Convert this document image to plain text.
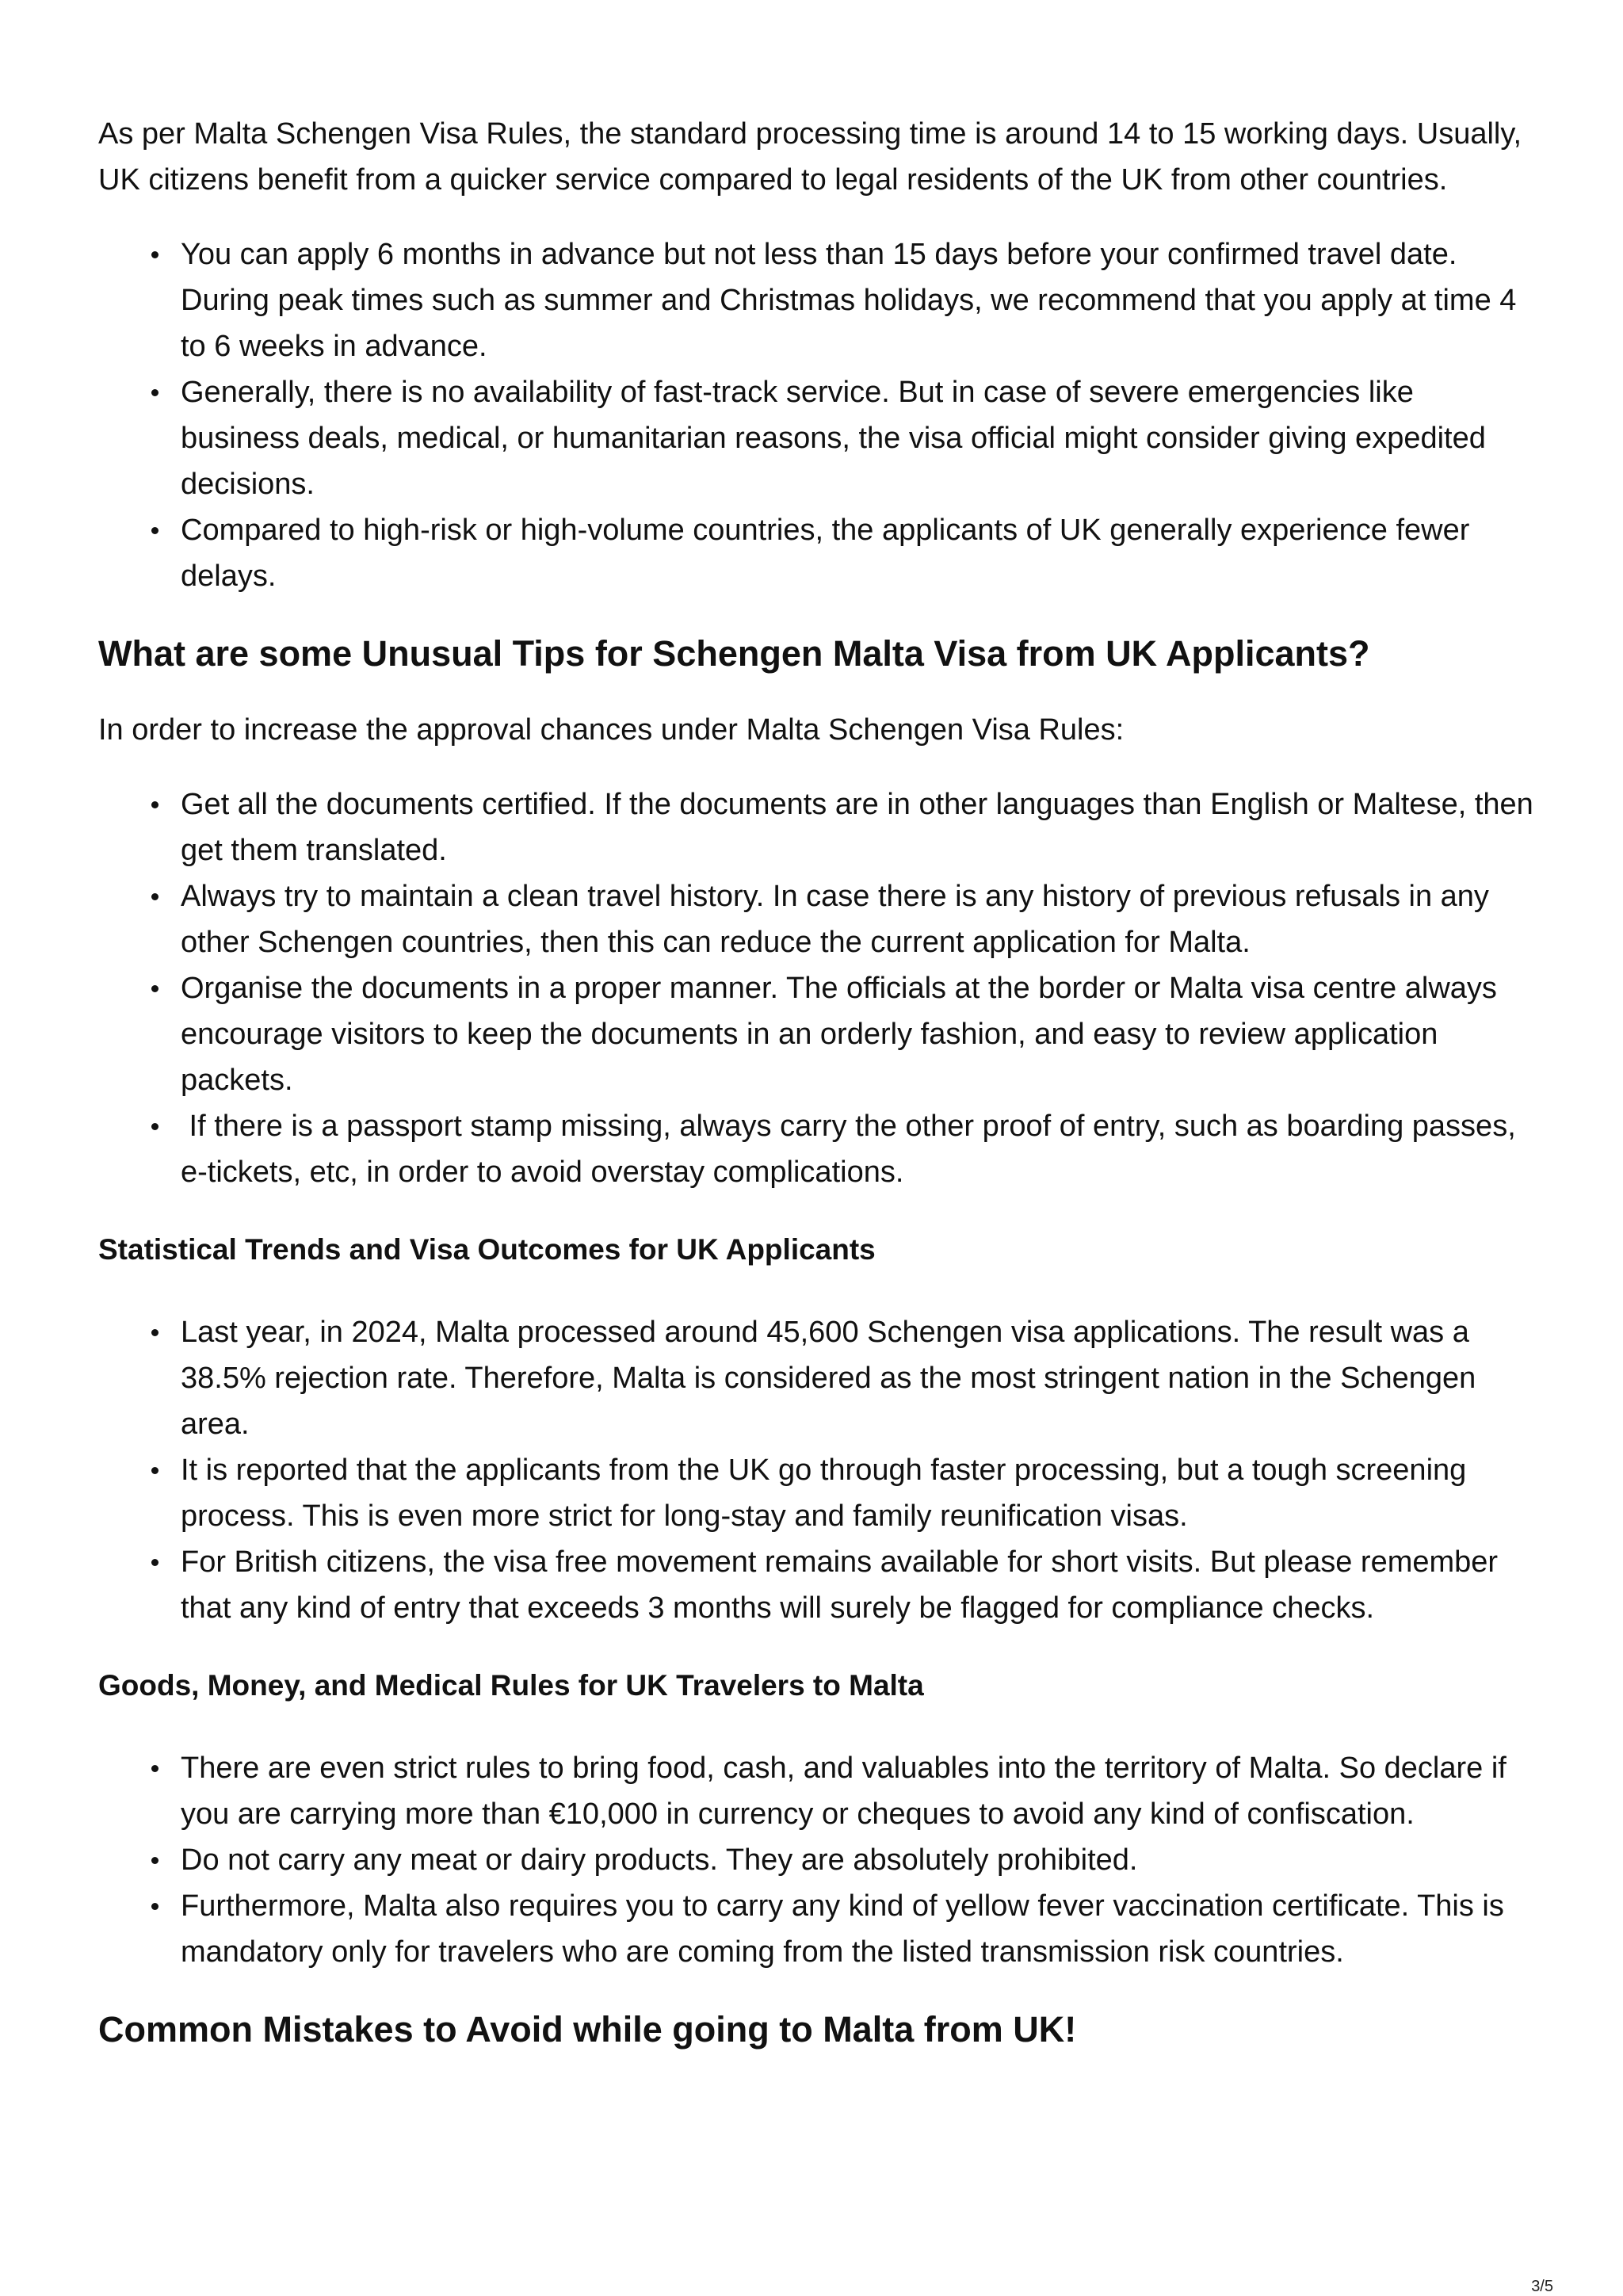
As per Malta Schengen Visa Rules, the standard processing time is around 14 to 15 working days. Usually, UK citizens benefit from a quicker service compared to legal residents of the UK from other countries.

You can apply 6 months in advance but not less than 15 days before your confirmed travel date. During peak times such as summer and Christmas holidays, we recommend that you apply at time 4 to 6 weeks in advance.
Generally, there is no availability of fast-track service. But in case of severe emergencies like business deals, medical, or humanitarian reasons, the visa official might consider giving expedited decisions.
Compared to high-risk or high-volume countries, the applicants of UK generally experience fewer delays.
What are some Unusual Tips for Schengen Malta Visa from UK Applicants?

In order to increase the approval chances under Malta Schengen Visa Rules:

Get all the documents certified. If the documents are in other languages than English or Maltese, then get them translated.
Always try to maintain a clean travel history. In case there is any history of previous refusals in any other Schengen countries, then this can reduce the current application for Malta.
Organise the documents in a proper manner. The officials at the border or Malta visa centre always encourage visitors to keep the documents in an orderly fashion, and easy to review application packets.
If there is a passport stamp missing, always carry the other proof of entry, such as boarding passes, e-tickets, etc, in order to avoid overstay complications.
Statistical Trends and Visa Outcomes for UK Applicants
Last year, in 2024, Malta processed around 45,600 Schengen visa applications. The result was a 38.5% rejection rate. Therefore, Malta is considered as the most stringent nation in the Schengen area.
It is reported that the applicants from the UK go through faster processing, but a tough screening process. This is even more strict for long-stay and family reunification visas.
For British citizens, the visa free movement remains available for short visits. But please remember that any kind of entry that exceeds 3 months will surely be flagged for compliance checks.
Goods, Money, and Medical Rules for UK Travelers to Malta
There are even strict rules to bring food, cash, and valuables into the territory of Malta. So declare if you are carrying more than €10,000 in currency or cheques to avoid any kind of confiscation.
Do not carry any meat or dairy products. They are absolutely prohibited.
Furthermore, Malta also requires you to carry any kind of yellow fever vaccination certificate. This is mandatory only for travelers who are coming from the listed transmission risk countries.
Common Mistakes to Avoid while going to Malta from UK!
3/5
